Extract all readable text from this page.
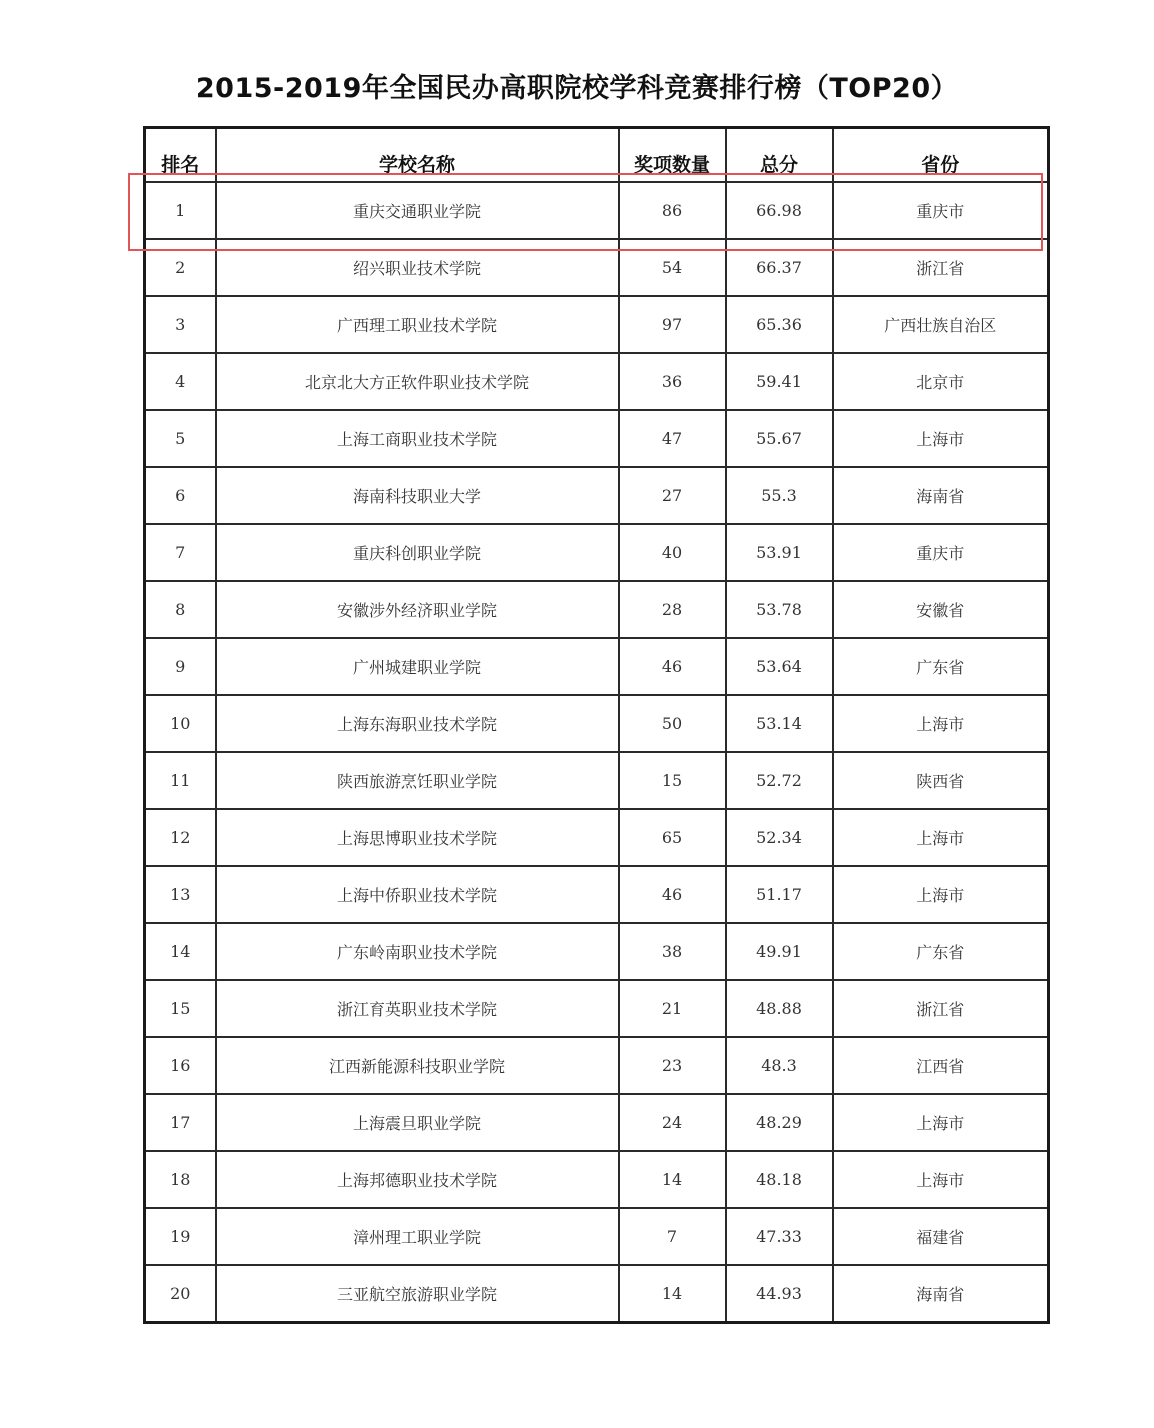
2015-2019年全国民办高职院校学科竞赛排行榜（TOP20）
排名	学校名称	奖项数量	总分	省份
1	重庆交通职业学院	86	66.98	重庆市
2	绍兴职业技术学院	54	66.37	浙江省
3	广西理工职业技术学院	97	65.36	广西壮族自治区
4	北京北大方正软件职业技术学院	36	59.41	北京市
5	上海工商职业技术学院	47	55.67	上海市
6	海南科技职业大学	27	55.3	海南省
7	重庆科创职业学院	40	53.91	重庆市
8	安徽涉外经济职业学院	28	53.78	安徽省
9	广州城建职业学院	46	53.64	广东省
10	上海东海职业技术学院	50	53.14	上海市
11	陕西旅游烹饪职业学院	15	52.72	陕西省
12	上海思博职业技术学院	65	52.34	上海市
13	上海中侨职业技术学院	46	51.17	上海市
14	广东岭南职业技术学院	38	49.91	广东省
15	浙江育英职业技术学院	21	48.88	浙江省
16	江西新能源科技职业学院	23	48.3	江西省
17	上海震旦职业学院	24	48.29	上海市
18	上海邦德职业技术学院	14	48.18	上海市
19	漳州理工职业学院	7	47.33	福建省
20	三亚航空旅游职业学院	14	44.93	海南省
